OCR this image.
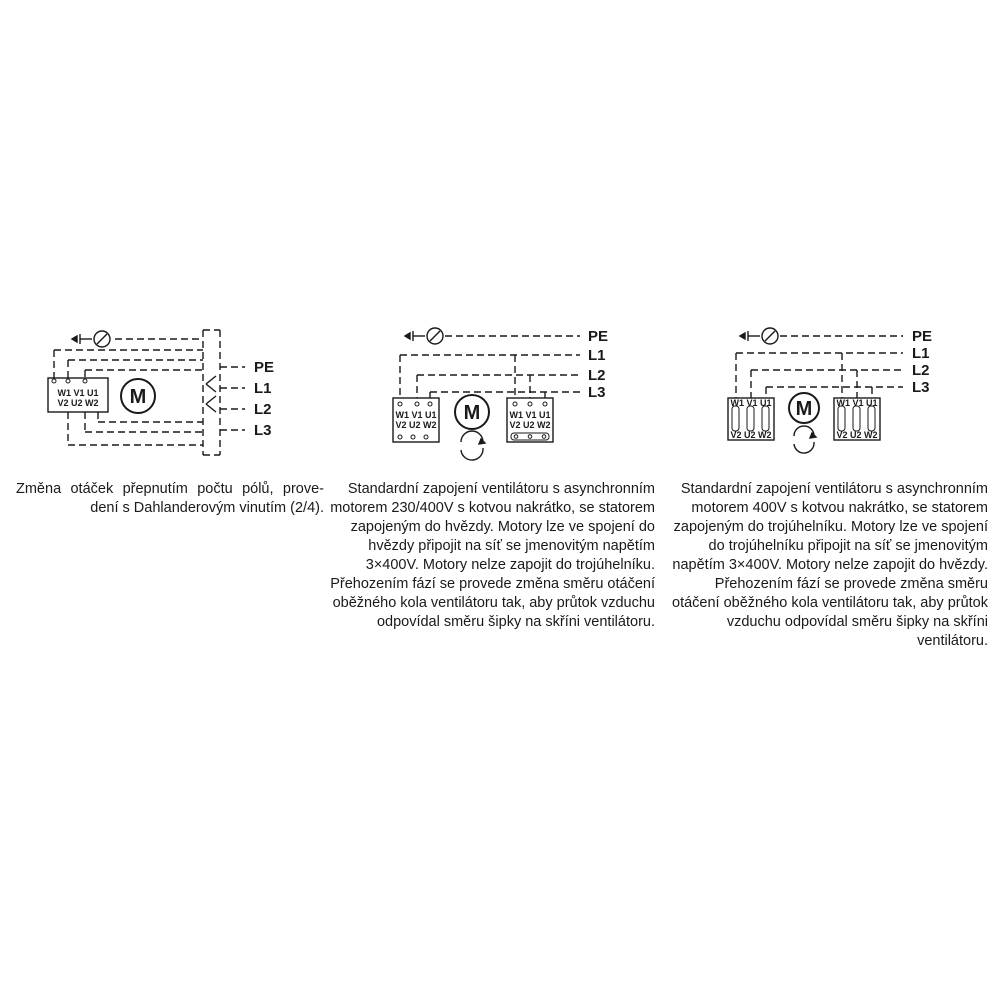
W1 V1 U1
V2 U2 W2 M
PE
L1
L2
L3
W1 V1 U1
V2 U2 W2
M	W1 V1 U1
V2 U2 W2
PE
L1
L2
L3
W1 V1 U1
V2 U2 W2
M	W1 V1 U1
V2 U2 W2
PE
L1
L2
L3

Změna otáček přepnutím počtu pólů, prove-dení s Dahlanderovým vinutím (2/4).

Standardní zapojení ventilátoru s asynchronním motorem 230/400V s kotvou nakrátko, se statorem zapojeným do hvězdy. Motory lze ve spojení do hvězdy připojit na síť se jmenovitým napětím 3×400V. Motory nelze zapojit do trojúhelníku. Přehozením fází se provede změna směru otáčení oběžného kola ventilátoru tak, aby průtok vzduchu odpovídal směru šipky na skříni ventilátoru.

Standardní zapojení ventilátoru s asynchronním motorem 400V s kotvou nakrátko, se statorem zapojeným do trojúhelníku. Motory lze ve spojení do trojúhelníku připojit na síť se jmenovitým napětím 3×400V. Motory nelze zapojit do hvězdy. Přehozením fází se provede změna směru otáčení oběžného kola ventilátoru tak, aby průtok vzduchu odpovídal směru šipky na skříni ventilátoru.
